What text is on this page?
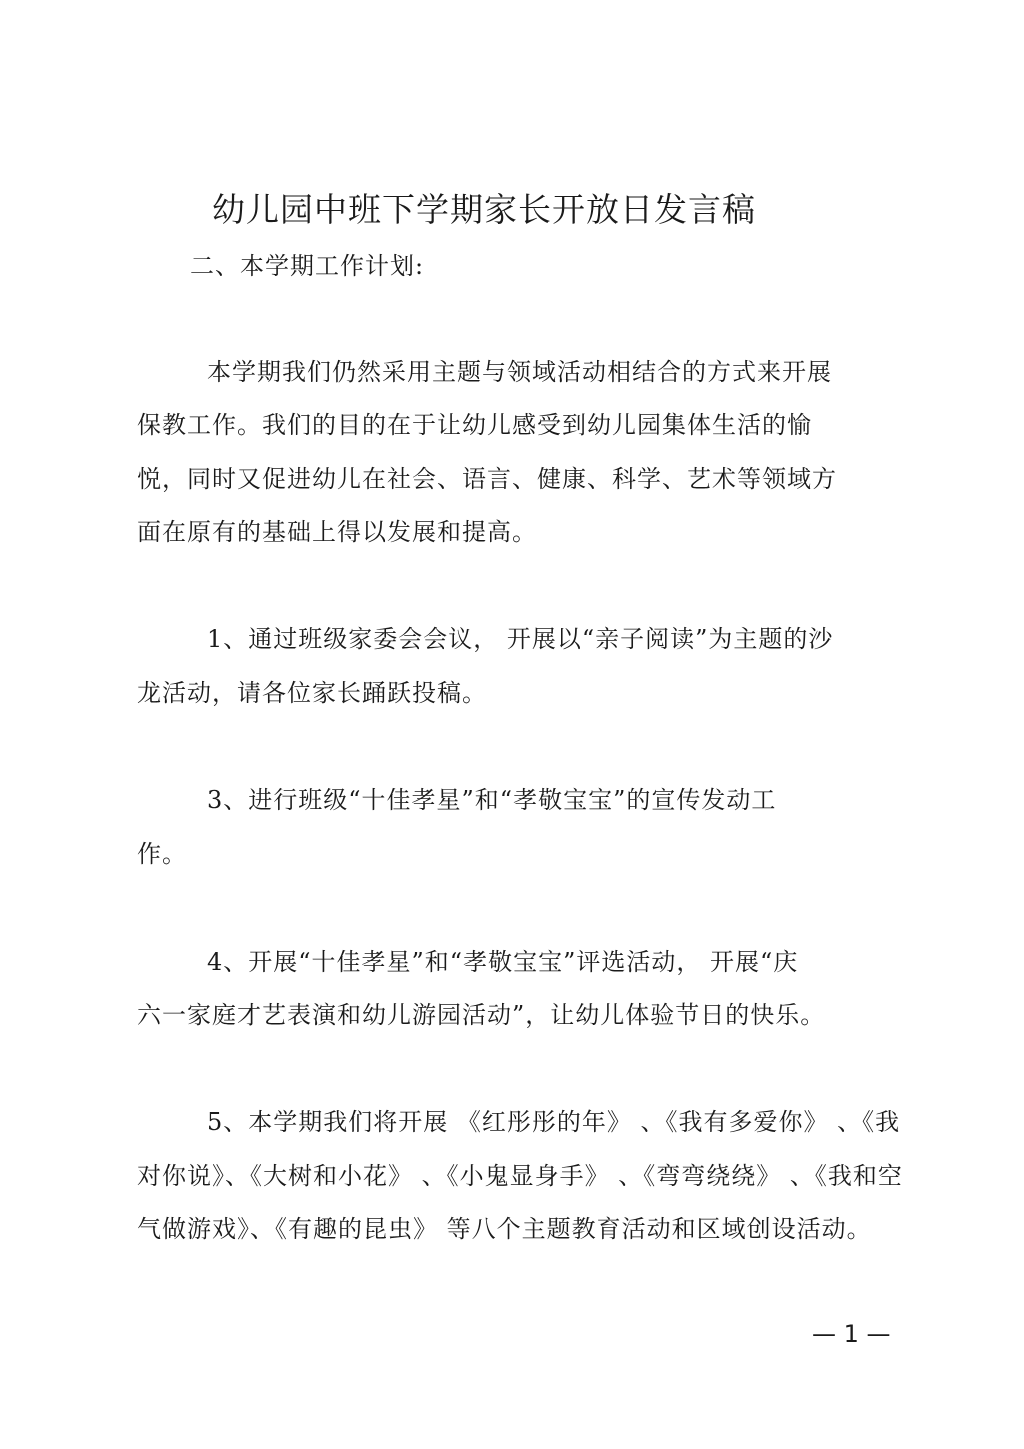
幼儿园中班下学期家长开放日发言稿
二、本学期工作计划:
本学期我们仍然采用主题与领域活动相结合的方式来开展
保教工作。我们的目的在于让幼儿感受到幼儿园集体生活的愉
悦，同时又促进幼儿在社会、语言、健康、科学、艺术等领域方
面在原有的基础上得以发展和提高。
1、通过班级家委会会议， 开展以“亲子阅读”为主题的沙
龙活动，请各位家长踊跃投稿。
3、进行班级“十佳孝星”和“孝敬宝宝”的宣传发动工
作。
4、开展“十佳孝星”和“孝敬宝宝”评选活动， 开展“庆
六一家庭才艺表演和幼儿游园活动”，让幼儿体验节日的快乐。
5、本学期我们将开展 《红彤彤的年》 、《我有多爱你》 、《我
对你说》、《大树和小花》 、《小鬼显身手》 、《弯弯绕绕》 、《我和空
气做游戏》、《有趣的昆虫》 等八个主题教育活动和区域创设活动。
— 1 —
